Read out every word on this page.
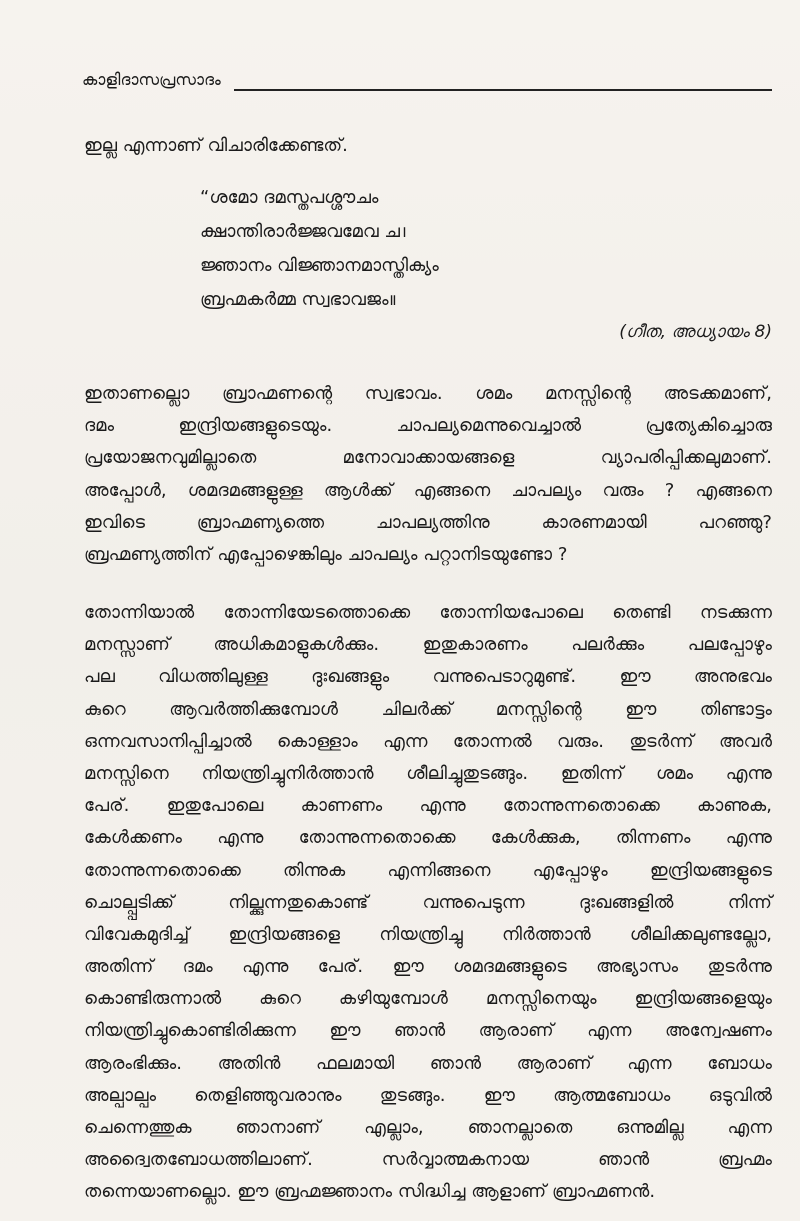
കാളിദാസപ്രസാദം
ഇല്ല എന്നാണ് വിചാരിക്കേണ്ടത്.
“ശമോ ദമസ്തപശ്ശൗചം
ക്ഷാന്തിരാർജ്ജവമേവ ച।
ജ്ഞാനം വിജ്ഞാനമാസ്തിക്യം
ബ്രഹ്മകർമ്മ സ്വഭാവജം॥
(ഗീത, അധ്യായം 8)
ഇതാണല്ലൊ ബ്രാഹ്മണന്റെ സ്വഭാവം. ശമം മനസ്സിന്റെ അടക്കമാണ്,
ദമം ഇന്ദ്രിയങ്ങളുടെയും. ചാപല്യമെന്നുവെച്ചാൽ പ്രത്യേകിച്ചൊരു
പ്രയോജനവുമില്ലാതെ മനോവാക്കായങ്ങളെ വ്യാപരിപ്പിക്കലുമാണ്.
അപ്പോൾ, ശമദമങ്ങളുള്ള ആൾക്ക് എങ്ങനെ ചാപല്യം വരും ? എങ്ങനെ
ഇവിടെ ബ്രാഹ്മണ്യത്തെ ചാപല്യത്തിനു കാരണമായി പറഞ്ഞു?
ബ്രഹ്മണ്യത്തിന് എപ്പോഴെങ്കിലും ചാപല്യം പറ്റാനിടയുണ്ടോ ?
തോന്നിയാൽ തോന്നിയേടത്തൊക്കെ തോന്നിയപോലെ തെണ്ടി നടക്കുന്ന
മനസ്സാണ് അധികമാളുകൾക്കും. ഇതുകാരണം പലർക്കും പലപ്പോഴും
പല വിധത്തിലുള്ള ദുഃഖങ്ങളും വന്നുപെടാറുമുണ്ട്. ഈ അനുഭവം
കുറെ ആവർത്തിക്കുമ്പോൾ ചിലർക്ക് മനസ്സിന്റെ ഈ തിണ്ടാട്ടം
ഒന്നവസാനിപ്പിച്ചാൽ കൊള്ളാം എന്ന തോന്നൽ വരും. തുടർന്ന് അവർ
മനസ്സിനെ നിയന്ത്രിച്ചുനിർത്താൻ ശീലിച്ചുതുടങ്ങും. ഇതിന്ന് ശമം എന്നു
പേര്. ഇതുപോലെ കാണണം എന്നു തോന്നുന്നതൊക്കെ കാണുക,
കേൾക്കണം എന്നു തോന്നുന്നതൊക്കെ കേൾക്കുക, തിന്നണം എന്നു
തോന്നുന്നതൊക്കെ തിന്നുക എന്നിങ്ങനെ എപ്പോഴും ഇന്ദ്രിയങ്ങളുടെ
ചൊല്പ്പടിക്ക് നില്ക്കുന്നതുകൊണ്ട് വന്നുപെടുന്ന ദുഃഖങ്ങളിൽ നിന്ന്
വിവേകമുദിച്ച് ഇന്ദ്രിയങ്ങളെ നിയന്ത്രിച്ചു നിർത്താൻ ശീലിക്കലുണ്ടല്ലോ,
അതിന്ന് ദമം എന്നു പേര്. ഈ ശമദമങ്ങളുടെ അഭ്യാസം തുടർന്നു
കൊണ്ടിരുന്നാൽ കുറെ കഴിയുമ്പോൾ മനസ്സിനെയും ഇന്ദ്രിയങ്ങളെയും
നിയന്ത്രിച്ചുകൊണ്ടിരിക്കുന്ന ഈ ഞാൻ ആരാണ് എന്ന അന്വേഷണം
ആരംഭിക്കും. അതിൻ ഫലമായി ഞാൻ ആരാണ് എന്ന ബോധം
അല്പാല്പം തെളിഞ്ഞുവരാനും തുടങ്ങും. ഈ ആത്മബോധം ഒടുവിൽ
ചെന്നെത്തുക ഞാനാണ് എല്ലാം, ഞാനല്ലാതെ ഒന്നുമില്ല എന്ന
അദ്വൈതബോധത്തിലാണ്. സർവ്വാത്മകനായ ഞാൻ ബ്രഹ്മം
തന്നെയാണല്ലൊ. ഈ ബ്രഹ്മജ്ഞാനം സിദ്ധിച്ച ആളാണ് ബ്രാഹ്മണൻ.
